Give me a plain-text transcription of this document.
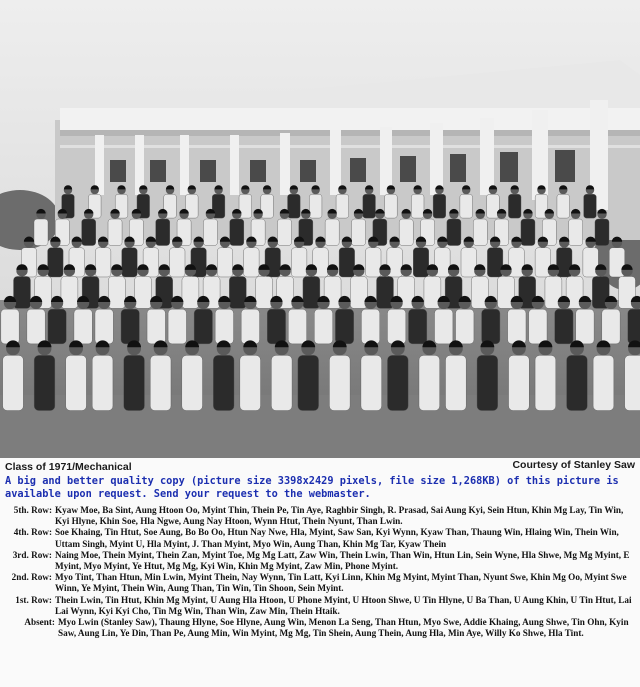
Class of 1971/Mechanical	Courtesy of Stanley Saw
A big and better quality copy (picture size 3398x2429 pixels, file size 1,268KB) of this picture is available upon request. Send your request to the webmaster.
5th. Row: Kyaw Moe, Ba Sint, Aung Htoon Oo, Myint Thin, Thein Pe, Tin Aye, Raghbir Singh, R. Prasad, Sai Aung Kyi, Sein Htun, Khin Mg Lay, Tin Win, Kyi Hlyne, Khin Soe, Hla Ngwe, Aung Nay Htoon, Wynn Htut, Thein Nyunt, Than Lwin.
4th. Row: Soe Khaing, Tin Htut, Soe Aung, Bo Bo Oo, Htun Nay Nwe, Hla, Myint, Saw San, Kyi Wynn, Kyaw Than, Thaung Win, Hlaing Win, Thein Win, Uttam Singh, Myint U, Hla Myint, J. Than Myint, Myo Win, Aung Than, Khin Mg Tar, Kyaw Thein
3rd. Row: Naing Moe, Thein Myint, Thein Zan, Myint Toe, Mg Mg Latt, Zaw Win, Thein Lwin, Than Win, Htun Lin, Sein Wyne, Hla Shwe, Mg Mg Myint, E Myint, Myo Myint, Ye Htut, Mg Mg, Kyi Win, Khin Mg Myint, Zaw Min, Phone Myint.
2nd. Row: Myo Tint, Than Htun, Min Lwin, Myint Thein, Nay Wynn, Tin Latt, Kyi Linn, Khin Mg Myint, Myint Than, Nyunt Swe, Khin Mg Oo, Myint Swe Winn, Ye Myint, Thein Win, Aung Than, Tin Win, Tin Shoon, Sein Myint.
1st. Row: Thein Lwin, Tin Htut, Khin Mg Myint, U Aung Hla Htoon, U Phone Myint, U Htoon Shwe, U Tin Hlyne, U Ba Than, U Aung Khin, U Tin Htut, Lai Lai Wynn, Kyi Kyi Cho, Tin Mg Win, Than Win, Zaw Min, Thein Htaik.
Absent: Myo Lwin (Stanley Saw), Thaung Hlyne, Soe Hlyne, Aung Win, Menon La Seng, Than Htun, Myo Swe, Addie Khaing, Aung Shwe, Tin Ohn, Kyin Saw, Aung Lin, Ye Din, Than Pe, Aung Min, Win Myint, Mg Mg, Tin Shein, Aung Thein, Aung Hla, Min Aye, Willy Ko Shwe, Hla Tint.
